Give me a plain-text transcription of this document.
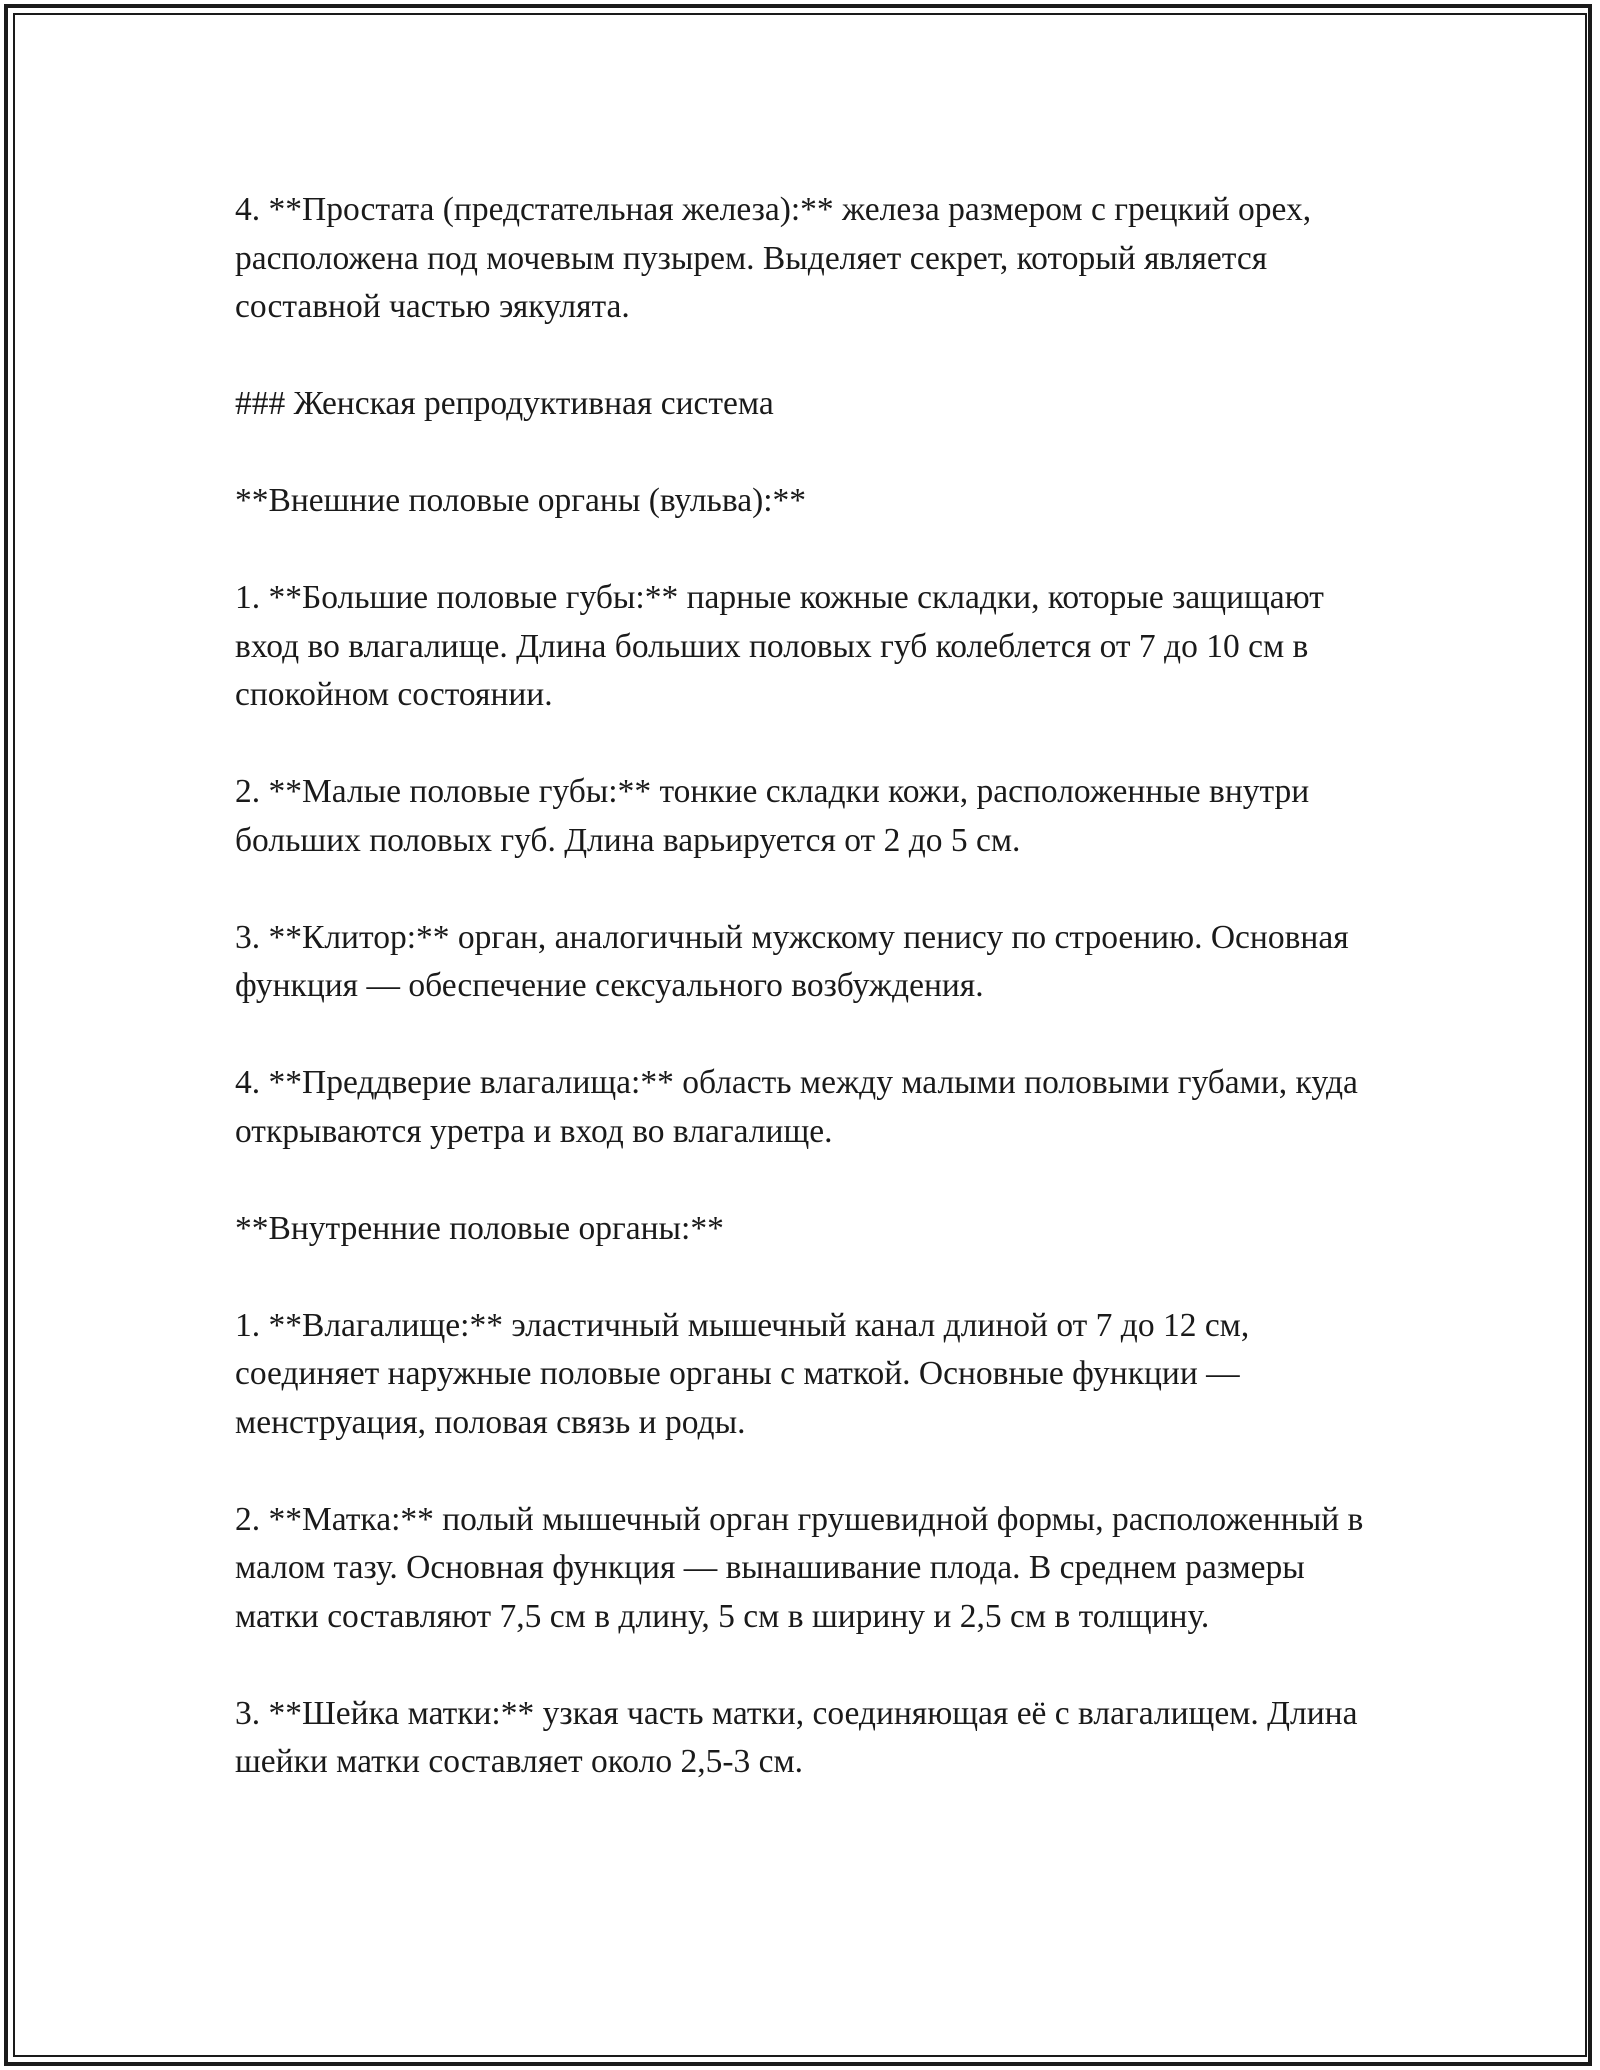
4. **Простата (предстательная железа):** железа размером с грецкий орех, расположена под мочевым пузырем. Выделяет секрет, который является составной частью эякулята.

### Женская репродуктивная система

**Внешние половые органы (вульва):**

1. **Большие половые губы:** парные кожные складки, которые защищают вход во влагалище. Длина больших половых губ колеблется от 7 до 10 см в спокойном состоянии.

2. **Малые половые губы:** тонкие складки кожи, расположенные внутри больших половых губ. Длина варьируется от 2 до 5 см.

3. **Клитор:** орган, аналогичный мужскому пенису по строению. Основная функция — обеспечение сексуального возбуждения.

4. **Преддверие влагалища:** область между малыми половыми губами, куда открываются уретра и вход во влагалище.

**Внутренние половые органы:**

1. **Влагалище:** эластичный мышечный канал длиной от 7 до 12 см, соединяет наружные половые органы с маткой. Основные функции — менструация, половая связь и роды.

2. **Матка:** полый мышечный орган грушевидной формы, расположенный в малом тазу. Основная функция — вынашивание плода. В среднем размеры матки составляют 7,5 см в длину, 5 см в ширину и 2,5 см в толщину.

3. **Шейка матки:** узкая часть матки, соединяющая её с влагалищем. Длина шейки матки составляет около 2,5-3 см.
